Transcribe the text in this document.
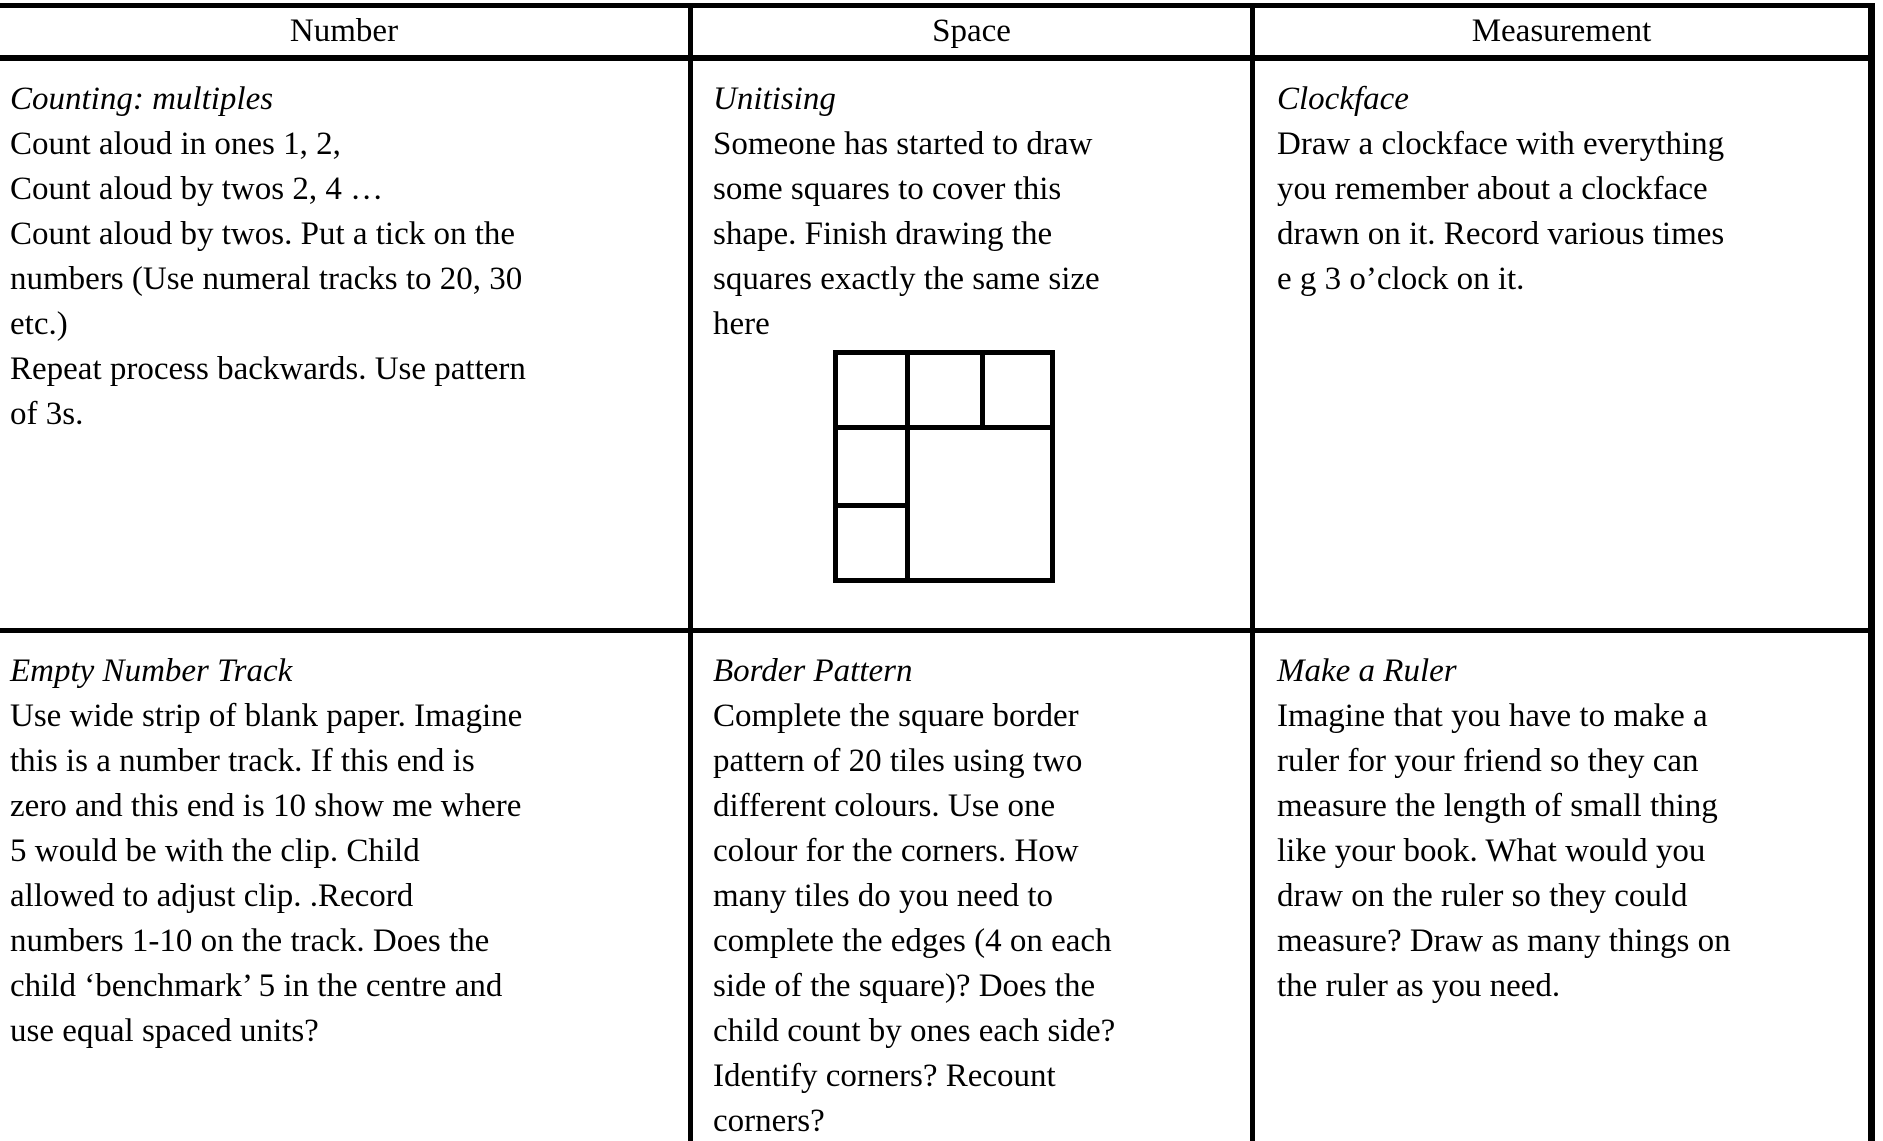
Number	Space	Measurement
Counting: multiples
Count aloud in ones 1, 2,
Count aloud by twos 2, 4 …
Count aloud by twos. Put a tick on the
numbers (Use numeral tracks to 20, 30
etc.)
Repeat process backwards. Use pattern
of 3s.
Unitising
Someone has started to draw
some squares to cover this
shape. Finish drawing the
squares exactly the same size
here
Clockface
Draw a clockface with everything
you remember about a clockface
drawn on it. Record various times
e g 3 o’clock on it.
Empty Number Track
Use wide strip of blank paper. Imagine
this is a number track. If this end is
zero and this end is 10 show me where
5 would be with the clip. Child
allowed to adjust clip. .Record
numbers 1-10 on the track. Does the
child ‘benchmark’ 5 in the centre and
use equal spaced units?
Border Pattern
Complete the square border
pattern of 20 tiles using two
different colours. Use one
colour for the corners. How
many tiles do you need to
complete the edges (4 on each
side of the square)? Does the
child count by ones each side?
Identify corners? Recount
corners?
Make a Ruler
Imagine that you have to make a
ruler for your friend so they can
measure the length of small thing
like your book. What would you
draw on the ruler so they could
measure? Draw as many things on
the ruler as you need.
